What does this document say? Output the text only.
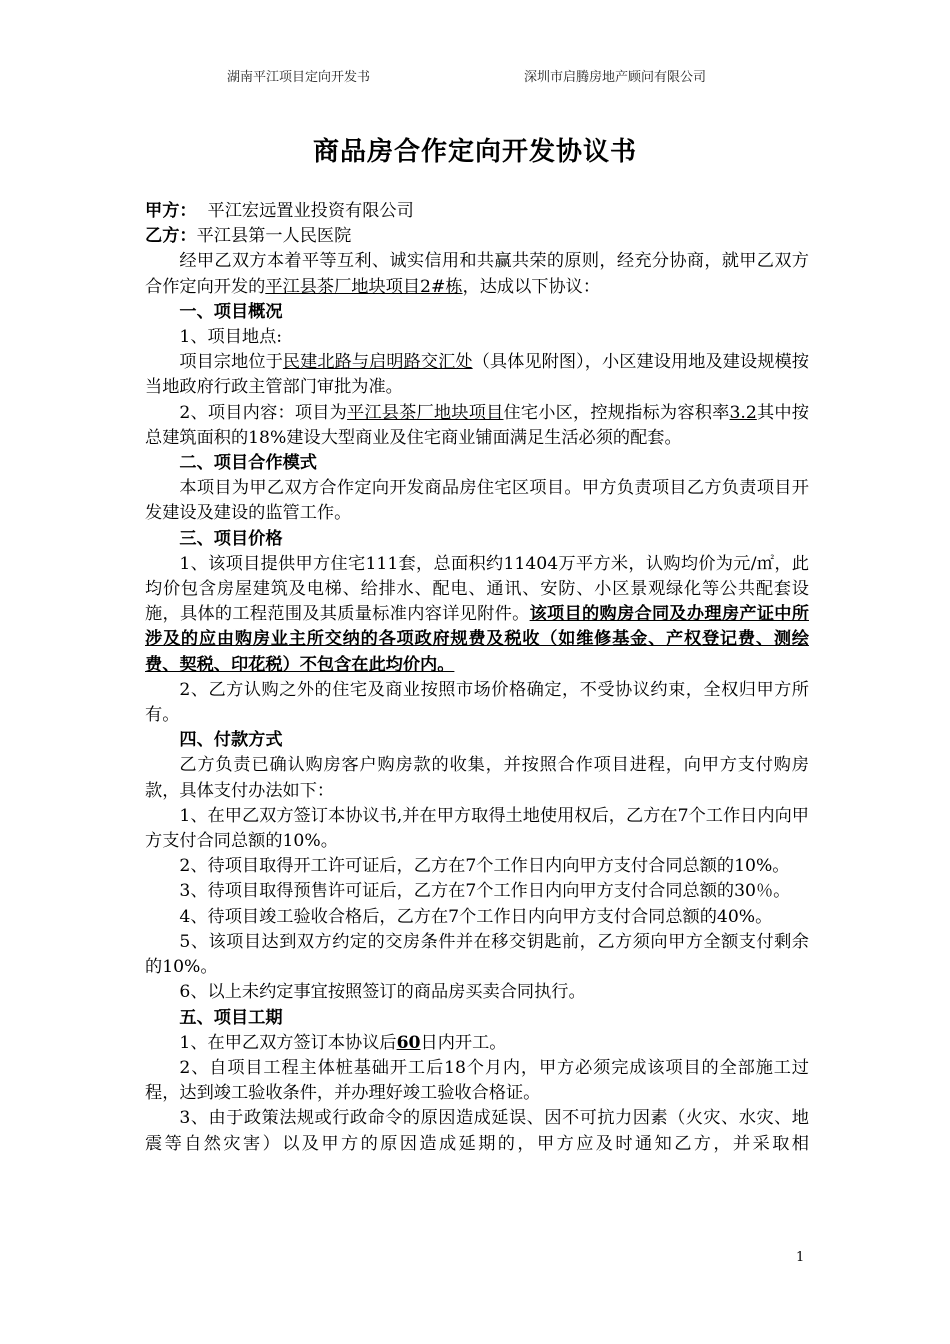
湖南平江项目定向开发书	深圳市启腾房地产顾问有限公司
商品房合作定向开发协议书

甲方：  平江宏远置业投资有限公司

乙方：平江县第一人民医院

经甲乙双方本着平等互利、诚实信用和共赢共荣的原则，经充分协商，就甲乙双方合作定向开发的平江县茶厂地块项目2#栋，达成以下协议：

一、项目概况

1、项目地点:

项目宗地位于民建北路与启明路交汇处（具体见附图），小区建设用地及建设规模按当地政府行政主管部门审批为准。

2、项目内容：项目为平江县茶厂地块项目住宅小区，控规指标为容积率3.2其中按总建筑面积的18%建设大型商业及住宅商业铺面满足生活必须的配套。

二、项目合作模式

本项目为甲乙双方合作定向开发商品房住宅区项目。甲方负责项目乙方负责项目开发建设及建设的监管工作。

三、项目价格

1、该项目提供甲方住宅111套，总面积约11404万平方米，认购均价为元/㎡，此均价包含房屋建筑及电梯、给排水、配电、通讯、安防、小区景观绿化等公共配套设施，具体的工程范围及其质量标准内容详见附件。该项目的购房合同及办理房产证中所涉及的应由购房业主所交纳的各项政府规费及税收（如维修基金、产权登记费、测绘费、契税、印花税）不包含在此均价内。

2、乙方认购之外的住宅及商业按照市场价格确定，不受协议约束，全权归甲方所有。

四、付款方式

乙方负责已确认购房客户购房款的收集，并按照合作项目进程，向甲方支付购房款，具体支付办法如下：

1、在甲乙双方签订本协议书,并在甲方取得土地使用权后，乙方在7个工作日内向甲方支付合同总额的10%。

2、待项目取得开工许可证后，乙方在7个工作日内向甲方支付合同总额的10%。

3、待项目取得预售许可证后，乙方在7个工作日内向甲方支付合同总额的30％。

4、待项目竣工验收合格后，乙方在7个工作日内向甲方支付合同总额的40%。

5、该项目达到双方约定的交房条件并在移交钥匙前，乙方须向甲方全额支付剩余的10%。

6、以上未约定事宜按照签订的商品房买卖合同执行。

五、项目工期

1、在甲乙双方签订本协议后60日内开工。

2、自项目工程主体桩基础开工后18个月内，甲方必须完成该项目的全部施工过程，达到竣工验收条件，并办理好竣工验收合格证。

3、由于政策法规或行政命令的原因造成延误、因不可抗力因素（火灾、水灾、地震等自然灾害）以及甲方的原因造成延期的，甲方应及时通知乙方，并采取相

1
